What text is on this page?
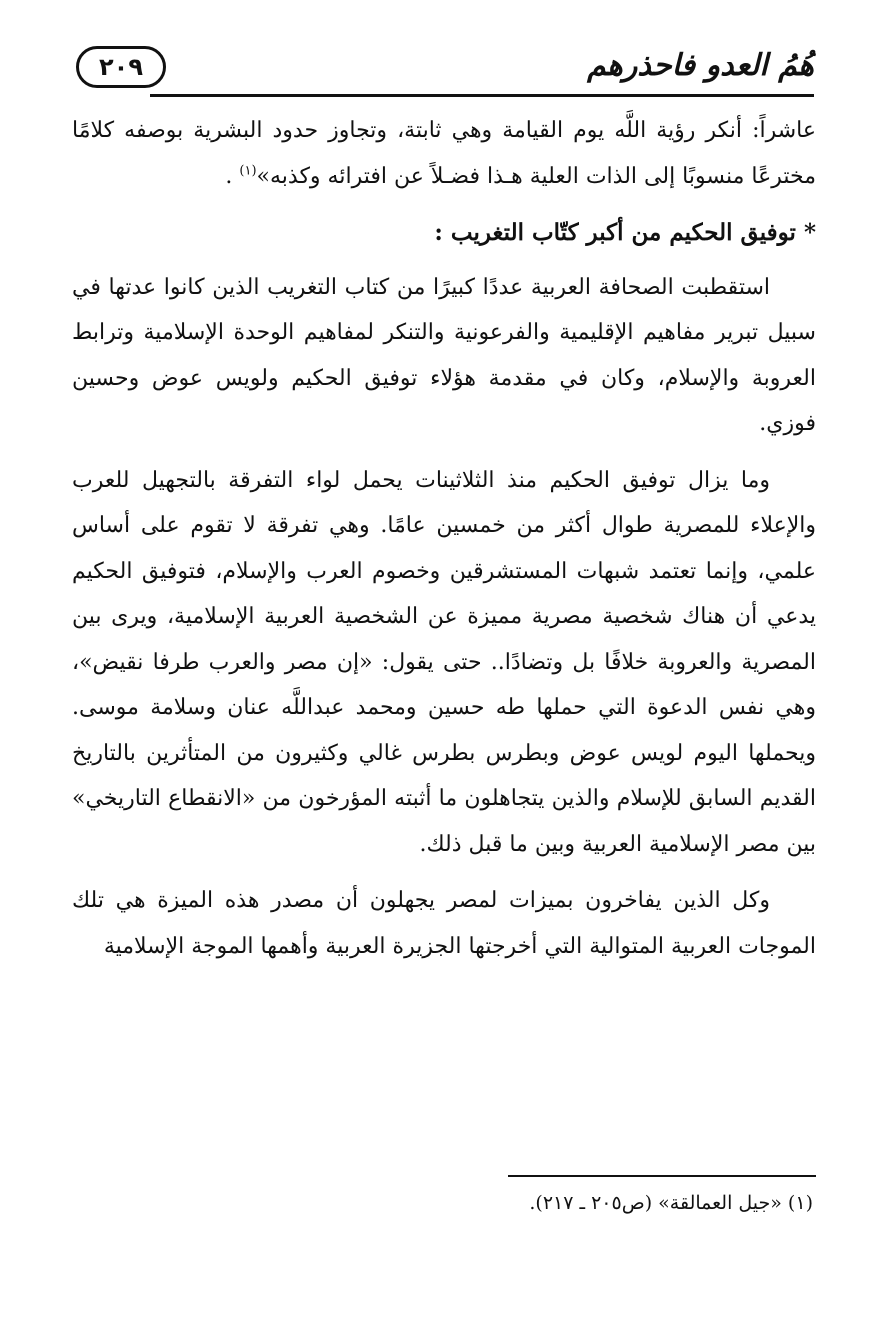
٢٠٩	هُمُ العدو فاحذرهم

عاشراً: أنكر رؤية اللَّه يوم القيامة وهي ثابتة، وتجاوز حدود البشرية بوصفه كلامًا مخترعًا منسوبًا إلى الذات العلية هـذا فضـلاً عن افترائه وكذبه»$^{(١)}$ .

* توفيق الحكيم من أكبر كتّاب التغريب :

استقطبت الصحافة العربية عددًا كبيرًا من كتاب التغريب الذين كانوا عدتها في سبيل تبرير مفاهيم الإقليمية والفرعونية والتنكر لمفاهيم الوحدة الإسلامية وترابط العروبة والإسلام، وكان في مقدمة هؤلاء توفيق الحكيم ولويس عوض وحسين فوزي.

وما يزال توفيق الحكيم منذ الثلاثينات يحمل لواء التفرقة بالتجهيل للعرب والإعلاء للمصرية طوال أكثر من خمسين عامًا. وهي تفرقة لا تقوم على أساس علمي، وإنما تعتمد شبهات المستشرقين وخصوم العرب والإسلام، فتوفيق الحكيم يدعي أن هناك شخصية مصرية مميزة عن الشخصية العربية الإسلامية، ويرى بين المصرية والعروبة خلافًا بل وتضادًا.. حتى يقول: «إن مصر والعرب طرفا نقيض»، وهي نفس الدعوة التي حملها طه حسين ومحمد عبداللَّه عنان وسلامة موسى. ويحملها اليوم لويس عوض وبطرس بطرس غالي وكثيرون من المتأثرين بالتاريخ القديم السابق للإسلام والذين يتجاهلون ما أثبته المؤرخون من «الانقطاع التاريخي» بين مصر الإسلامية العربية وبين ما قبل ذلك.

وكل الذين يفاخرون بميزات لمصر يجهلون أن مصدر هذه الميزة هي تلك الموجات العربية المتوالية التي أخرجتها الجزيرة العربية وأهمها الموجة الإسلامية

(١) «جيل العمالقة» (ص٢٠٥ ـ ٢١٧).
